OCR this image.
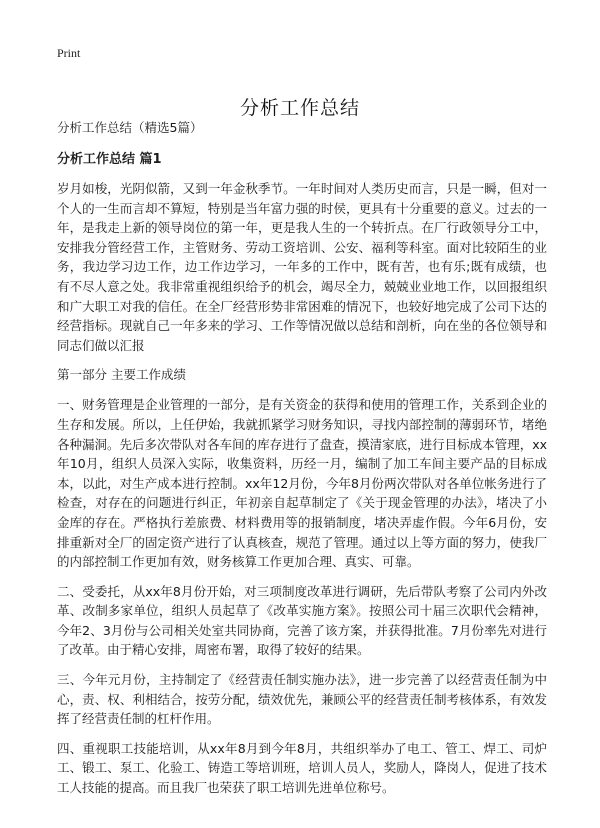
Print
分析工作总结

分析工作总结（精选5篇）

分析工作总结 篇1

岁月如梭，光阴似箭，又到一年金秋季节。一年时间对人类历史而言，只是一瞬，但对一个人的一生而言却不算短，特别是当年富力强的时侯，更具有十分重要的意义。过去的一年，是我走上新的领导岗位的第一年，更是我人生的一个转折点。在厂行政领导分工中，安排我分管经营工作，主管财务、劳动工资培训、公安、福利等科室。面对比较陌生的业务，我边学习边工作，边工作边学习，一年多的工作中，既有苦，也有乐;既有成绩，也有不尽人意之处。我非常重视组织给予的机会，竭尽全力，兢兢业业地工作，以回报组织和广大职工对我的信任。在全厂经营形势非常困难的情况下，也较好地完成了公司下达的经营指标。现就自己一年多来的学习、工作等情况做以总结和剖析，向在坐的各位领导和同志们做以汇报

第一部分 主要工作成绩

一、财务管理是企业管理的一部分，是有关资金的获得和使用的管理工作，关系到企业的生存和发展。所以，上任伊始，我就抓紧学习财务知识，寻找内部控制的薄弱环节，堵绝各种漏洞。先后多次带队对各车间的库存进行了盘查，摸清家底，进行目标成本管理，xx年10月，组织人员深入实际，收集资料，历经一月，编制了加工车间主要产品的目标成本，以此，对生产成本进行控制。xx年12月份，今年8月份两次带队对各单位帐务进行了检查，对存在的问题进行纠正，年初亲自起草制定了《关于现金管理的办法》，堵决了小金库的存在。严格执行差旅费、材料费用等的报销制度，堵决弄虚作假。今年6月份，安排重新对全厂的固定资产进行了认真核查，规范了管理。通过以上等方面的努力，使我厂的内部控制工作更加有效，财务核算工作更加合理、真实、可靠。

二、受委托，从xx年8月份开始，对三项制度改革进行调研，先后带队考察了公司内外改革、改制多家单位，组织人员起草了《改革实施方案》。按照公司十届三次职代会精神，今年2、3月份与公司相关处室共同协商，完善了该方案，并获得批准。7月份率先对进行了改革。由于精心安排，周密布署，取得了较好的结果。

三、今年元月份，主持制定了《经营责任制实施办法》，进一步完善了以经营责任制为中心，责、权、利相结合，按劳分配，绩效优先，兼顾公平的经营责任制考核体系，有效发挥了经营责任制的杠杆作用。

四、重视职工技能培训，从xx年8月到今年8月，共组织举办了电工、管工、焊工、司炉工、锻工、泵工、化验工、铸造工等培训班，培训人员人，奖励人，降岗人，促进了技术工人技能的提高。而且我厂也荣获了职工培训先进单位称号。
